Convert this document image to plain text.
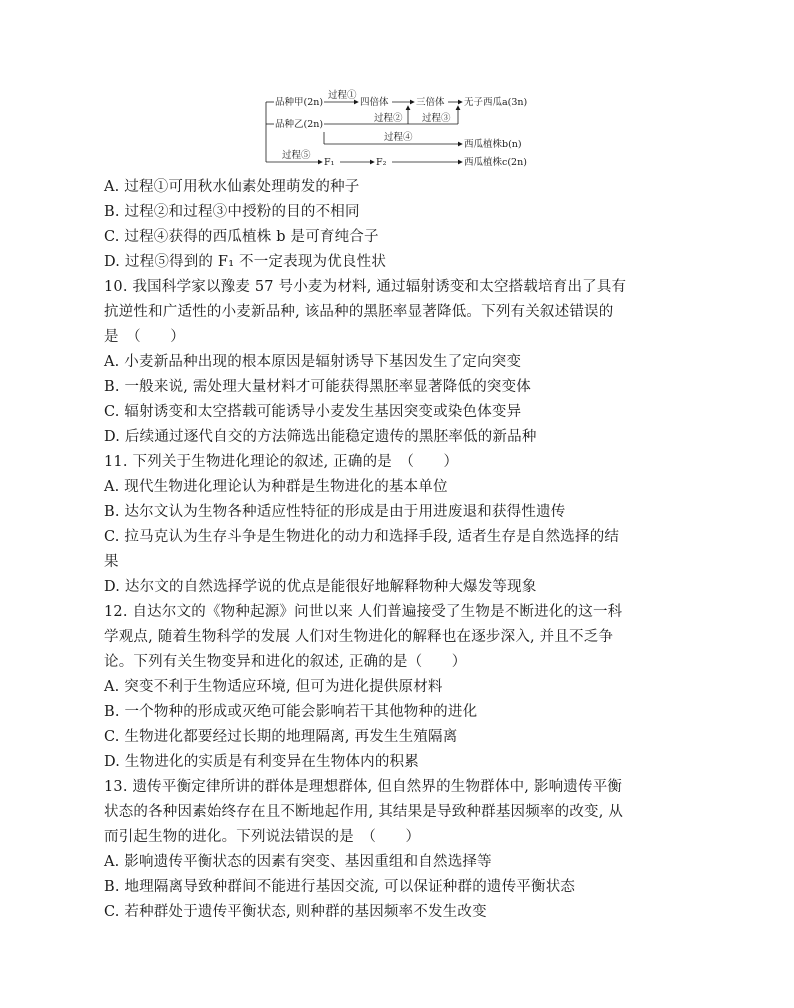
品种甲(2n)
过程①
四倍体	三倍体 无子西瓜a(3n)
品种乙(2n)
过程② 过程③
过程④
西瓜植株b(n)
过程⑤
F₁	F₂	西瓜植株c(2n)
A. 过程①可用秋水仙素处理萌发的种子
B. 过程②和过程③中授粉的目的不相同
C. 过程④获得的西瓜植株 b 是可育纯合子
D. 过程⑤得到的 F₁ 不一定表现为优良性状
10. 我国科学家以豫麦 57 号小麦为材料, 通过辐射诱变和太空搭载培育出了具有
抗逆性和广适性的小麦新品种, 该品种的黑胚率显著降低。下列有关叙述错误的
是　（　　）
A. 小麦新品种出现的根本原因是辐射诱导下基因发生了定向突变
B. 一般来说, 需处理大量材料才可能获得黑胚率显著降低的突变体
C. 辐射诱变和太空搭载可能诱导小麦发生基因突变或染色体变异
D. 后续通过逐代自交的方法筛选出能稳定遗传的黑胚率低的新品种
11. 下列关于生物进化理论的叙述, 正确的是　（　　）
A. 现代生物进化理论认为种群是生物进化的基本单位
B. 达尔文认为生物各种适应性特征的形成是由于用进废退和获得性遗传
C. 拉马克认为生存斗争是生物进化的动力和选择手段, 适者生存是自然选择的结
果
D. 达尔文的自然选择学说的优点是能很好地解释物种大爆发等现象
12. 自达尔文的《物种起源》问世以来 人们普遍接受了生物是不断进化的这一科
学观点, 随着生物科学的发展 人们对生物进化的解释也在逐步深入, 并且不乏争
论。下列有关生物变异和进化的叙述, 正确的是（　　）
A. 突变不利于生物适应环境, 但可为进化提供原材料
B. 一个物种的形成或灭绝可能会影响若干其他物种的进化
C. 生物进化都要经过长期的地理隔离, 再发生生殖隔离
D. 生物进化的实质是有利变异在生物体内的积累
13. 遗传平衡定律所讲的群体是理想群体, 但自然界的生物群体中, 影响遗传平衡
状态的各种因素始终存在且不断地起作用, 其结果是导致种群基因频率的改变, 从
而引起生物的进化。下列说法错误的是　（　　）
A. 影响遗传平衡状态的因素有突变、基因重组和自然选择等
B. 地理隔离导致种群间不能进行基因交流, 可以保证种群的遗传平衡状态
C. 若种群处于遗传平衡状态, 则种群的基因频率不发生改变
